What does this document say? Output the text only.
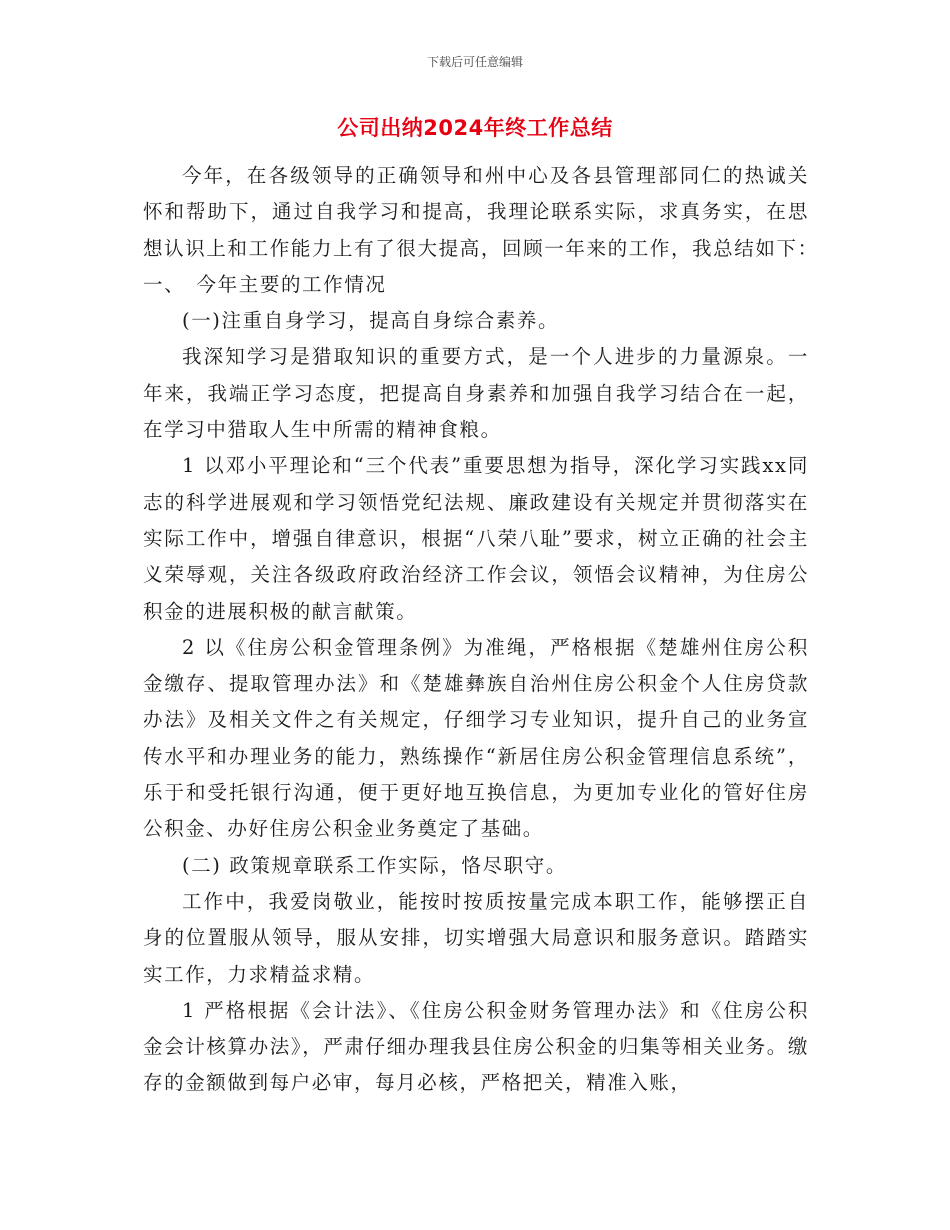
下载后可任意编辑
公司出纳2024年终工作总结

今年，在各级领导的正确领导和州中心及各县管理部同仁的热诚关怀和帮助下，通过自我学习和提高，我理论联系实际，求真务实，在思想认识上和工作能力上有了很大提高，回顾一年来的工作，我总结如下：　一、　今年主要的工作情况

(一)注重自身学习，提高自身综合素养。

我深知学习是猎取知识的重要方式，是一个人进步的力量源泉。一年来，我端正学习态度，把提高自身素养和加强自我学习结合在一起，在学习中猎取人生中所需的精神食粮。

1 以邓小平理论和“三个代表”重要思想为指导，深化学习实践xx同志的科学进展观和学习领悟党纪法规、廉政建设有关规定并贯彻落实在实际工作中，增强自律意识，根据“八荣八耻”要求，树立正确的社会主义荣辱观，关注各级政府政治经济工作会议，领悟会议精神，为住房公积金的进展积极的献言献策。

2 以《住房公积金管理条例》为准绳，严格根据《楚雄州住房公积金缴存、提取管理办法》和《楚雄彝族自治州住房公积金个人住房贷款办法》及相关文件之有关规定，仔细学习专业知识，提升自己的业务宣传水平和办理业务的能力，熟练操作“新居住房公积金管理信息系统”，乐于和受托银行沟通，便于更好地互换信息，为更加专业化的管好住房公积金、办好住房公积金业务奠定了基础。

(二) 政策规章联系工作实际，恪尽职守。

工作中，我爱岗敬业，能按时按质按量完成本职工作，能够摆正自身的位置服从领导，服从安排，切实增强大局意识和服务意识。踏踏实实工作，力求精益求精。

1 严格根据《会计法》、《住房公积金财务管理办法》和《住房公积金会计核算办法》，严肃仔细办理我县住房公积金的归集等相关业务。缴存的金额做到每户必审，每月必核，严格把关，精准入账，
